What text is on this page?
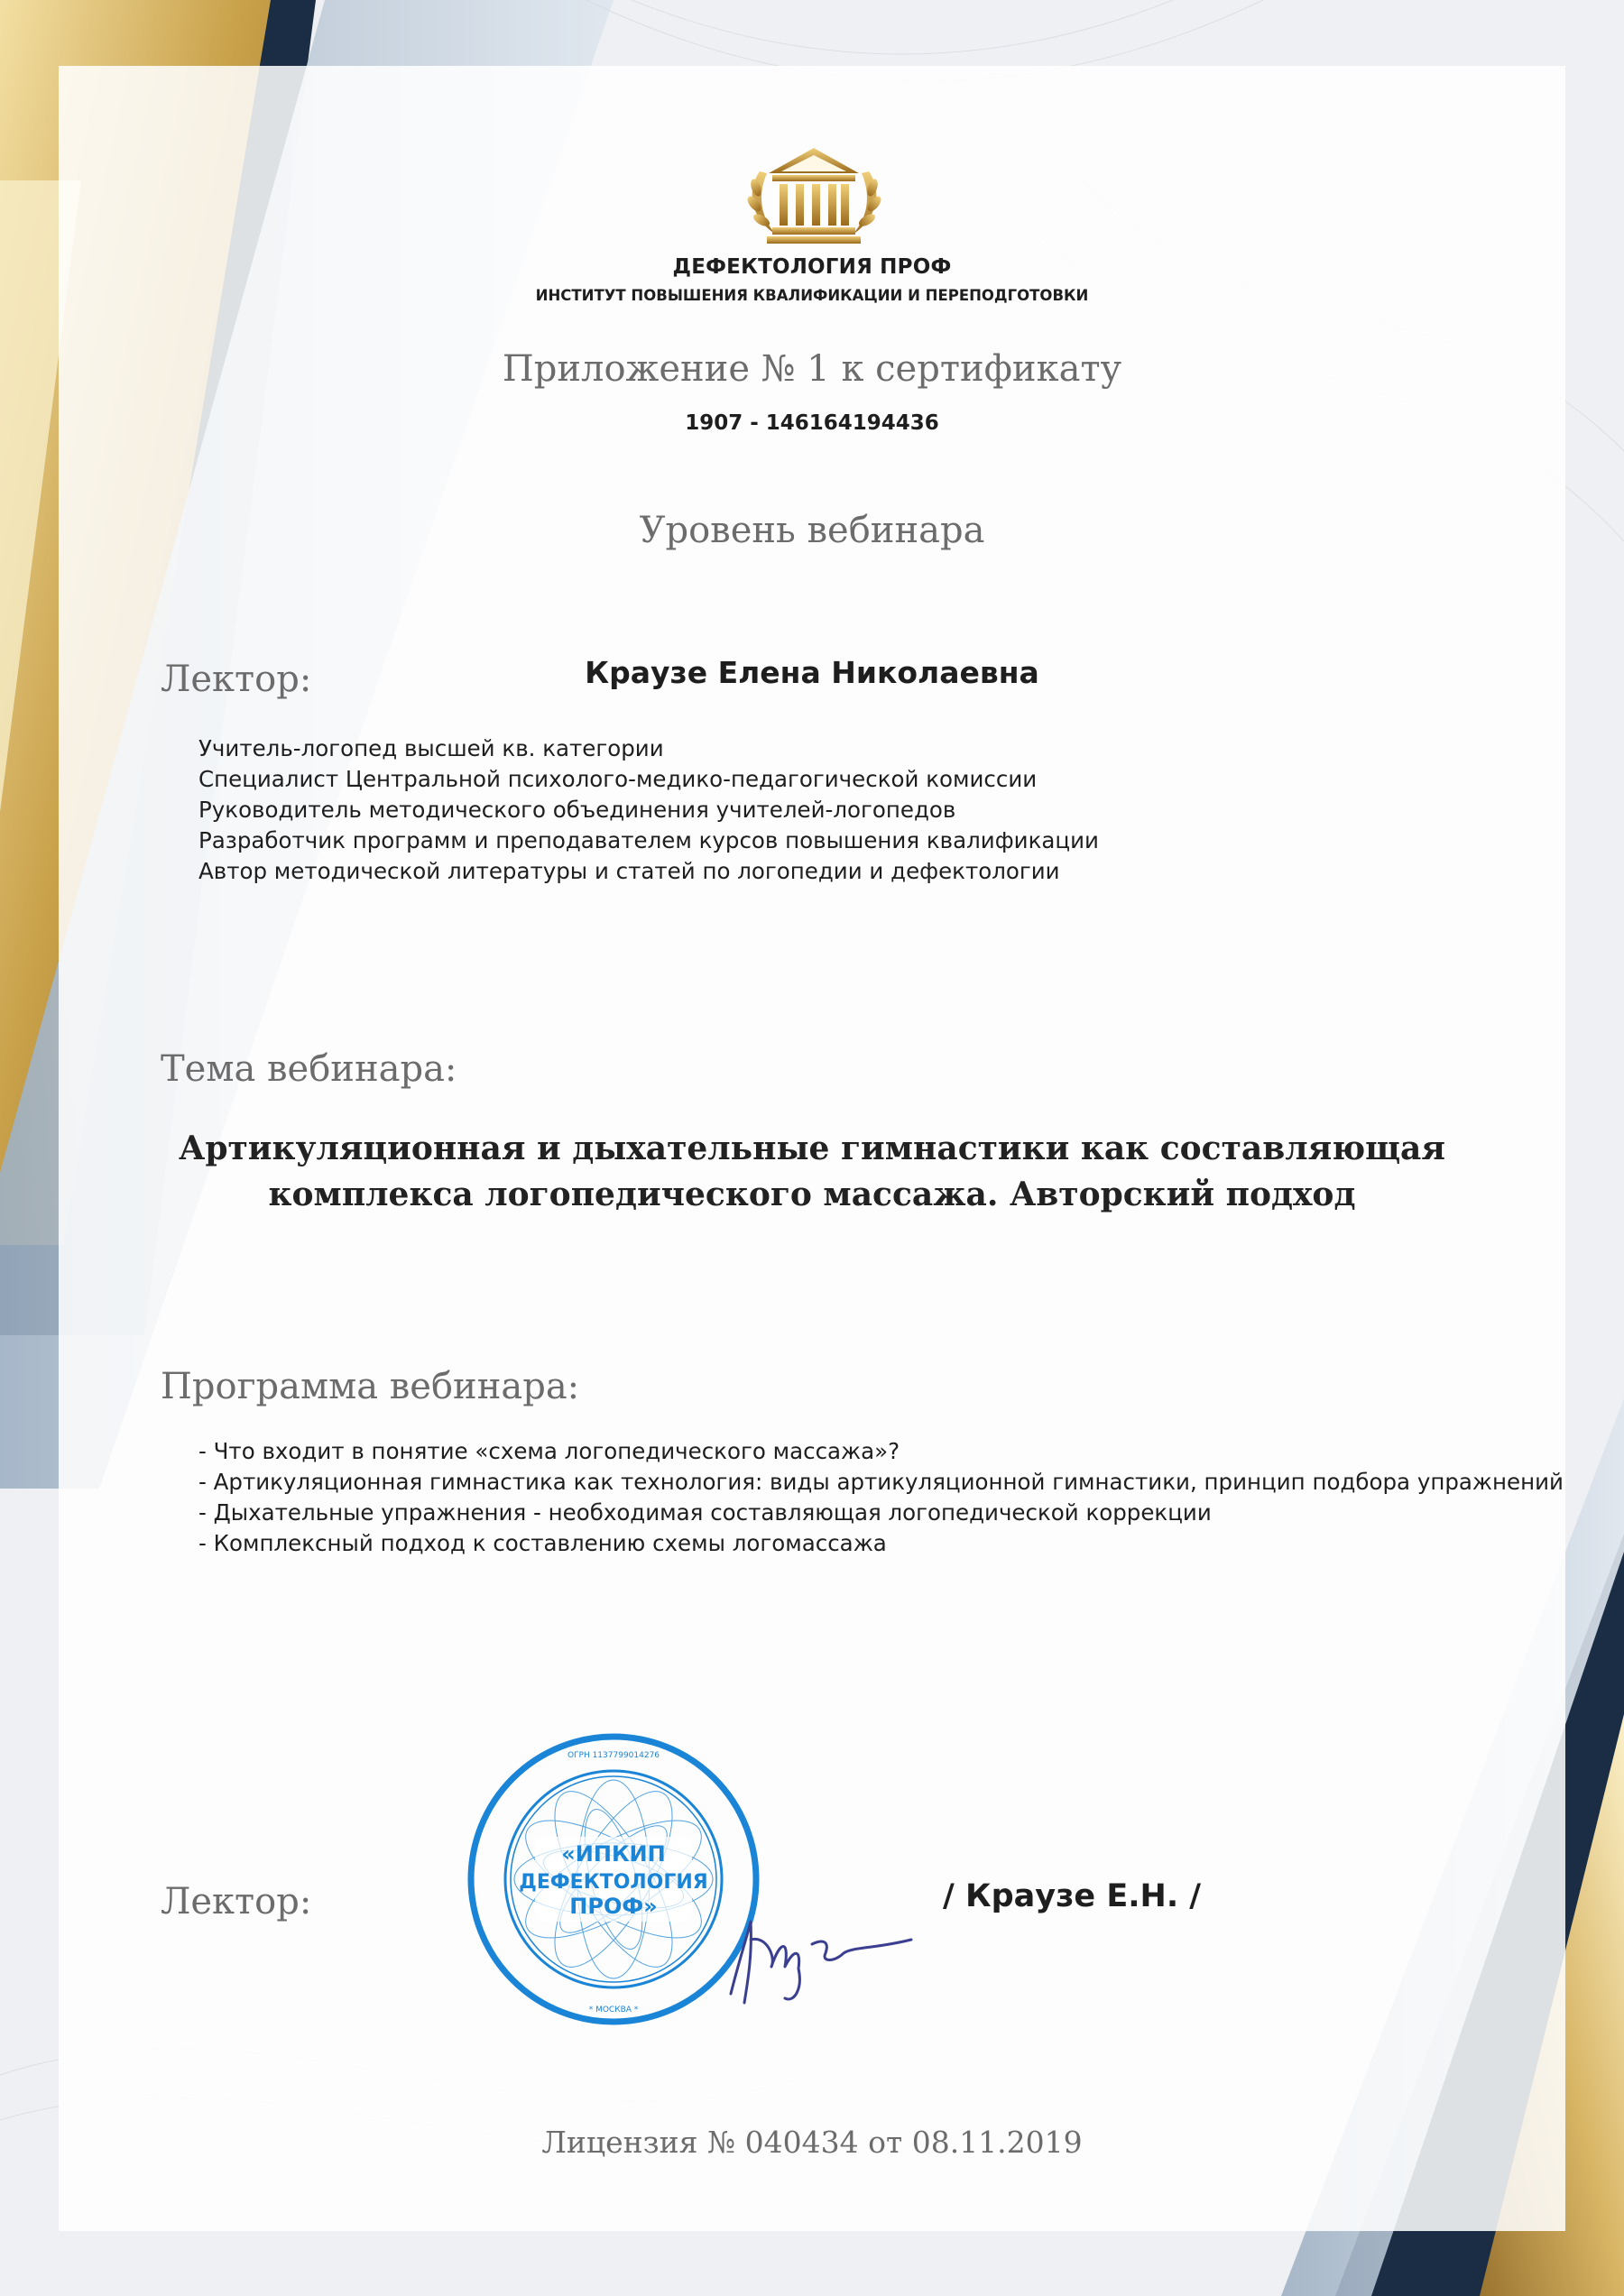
ДЕФЕКТОЛОГИЯ ПРОФ
ИНСТИТУТ ПОВЫШЕНИЯ КВАЛИФИКАЦИИ И ПЕРЕПОДГОТОВКИ
Приложение № 1 к сертификату
1907 - 146164194436
Уровень вебинара
Лектор:	Краузе Елена Николаевна
Учитель-логопед высшей кв. категории
Специалист Центральной психолого-медико-педагогической комиссии
Руководитель методического объединения учителей-логопедов
Разработчик программ и преподавателем курсов повышения квалификации
Автор методической литературы и статей по логопедии и дефектологии
Тема вебинара:
Артикуляционная и дыхательные гимнастики как составляющая
комплекса логопедического массажа. Авторский подход
Программа вебинара:
- Что входит в понятие «схема логопедического массажа»?
- Артикуляционная гимнастика как технология: виды артикуляционной гимнастики, принцип подбора упражнений
- Дыхательные упражнения - необходимая составляющая логопедической коррекции
- Комплексный подход к составлению схемы логомассажа
Лектор:
«ИПКИП
ДЕФЕКТОЛОГИЯ
ПРОФ»
ОГРН 1137799014276
* МОСКВА *
/ Краузе Е.Н. /
Лицензия № 040434 от 08.11.2019
